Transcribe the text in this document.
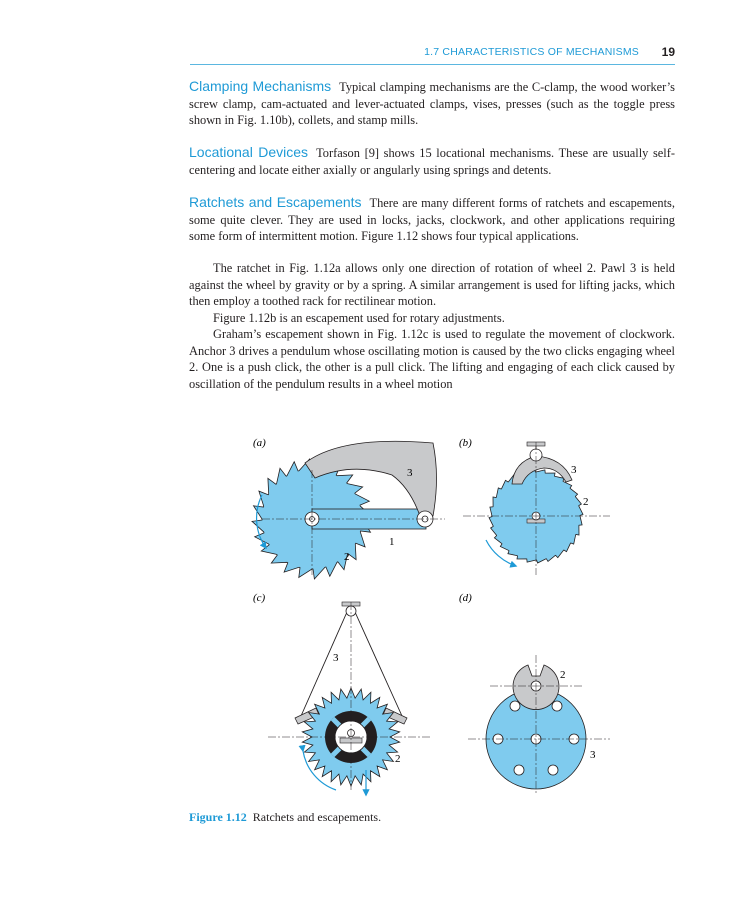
1.7 CHARACTERISTICS OF MECHANISMS 19

Clamping Mechanisms Typical clamping mechanisms are the C-clamp, the wood worker’s screw clamp, cam-actuated and lever-actuated clamps, vises, presses (such as the toggle press shown in Fig. 1.10b), collets, and stamp mills.

Locational Devices Torfason [9] shows 15 locational mechanisms. These are usually self-centering and locate either axially or angularly using springs and detents.

Ratchets and Escapements There are many different forms of ratchets and escapements, some quite clever. They are used in locks, jacks, clockwork, and other applications requiring some form of intermittent motion. Figure 1.12 shows four typical applications.

The ratchet in Fig. 1.12a allows only one direction of rotation of wheel 2. Pawl 3 is held against the wheel by gravity or by a spring. A similar arrangement is used for lifting jacks, which then employ a toothed rack for rectilinear motion.

Figure 1.12b is an escapement used for rotary adjustments.

Graham’s escapement shown in Fig. 1.12c is used to regulate the movement of clockwork. Anchor 3 drives a pendulum whose oscillating motion is caused by the two clicks engaging wheel 2. One is a push click, the other is a pull click. The lifting and engaging of each click caused by oscillation of the pendulum results in a wheel motion

(a)
3
1
2
(b)
3
2
(c)
3
2
(d)
2
3
Figure 1.12 Ratchets and escapements.
